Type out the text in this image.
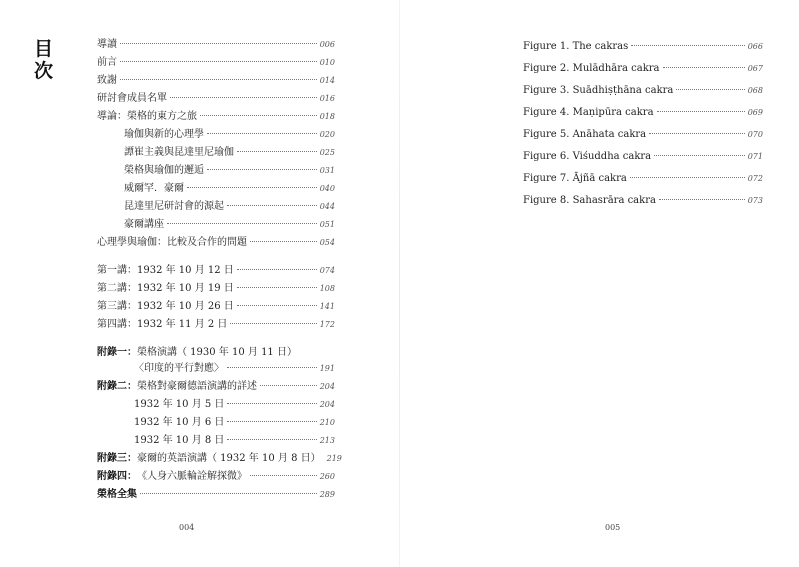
目
次
導讀	006
前言	010
致謝	014
研討會成員名單	016
導論：榮格的東方之旅	018
瑜伽與新的心理學	020
譚崔主義與昆達里尼瑜伽	025
榮格與瑜伽的邂逅	031
威爾罕．豪爾	040
昆達里尼研討會的源起	044
豪爾講座	051
心理學與瑜伽：比較及合作的問題	054
第一講：1932 年 10 月 12 日	074
第二講：1932 年 10 月 19 日	108
第三講：1932 年 10 月 26 日	141
第四講：1932 年 11 月 2 日	172
附錄一：榮格演講（ 1930 年 10 月 11 日）
〈印度的平行對應〉	191
附錄二： 榮格對豪爾德語演講的詳述	204
1932 年 10 月 5 日	204
1932 年 10 月 6 日	210
1932 年 10 月 8 日	213
附錄三： 豪爾的英語演講（ 1932 年 10 月 8 日） 219
附錄四： 《人身六脈輪詮解探微》	260
榮格全集	289
004
Figure 1. The cakras	066
Figure 2. Mulādhāra cakra	067
Figure 3. Suādhiṣṭhāna cakra	068
Figure 4. Maṇipūra cakra	069
Figure 5. Anāhata cakra	070
Figure 6. Viśuddha cakra	071
Figure 7. Ājñā cakra	072
Figure 8. Sahasrāra cakra	073
005
